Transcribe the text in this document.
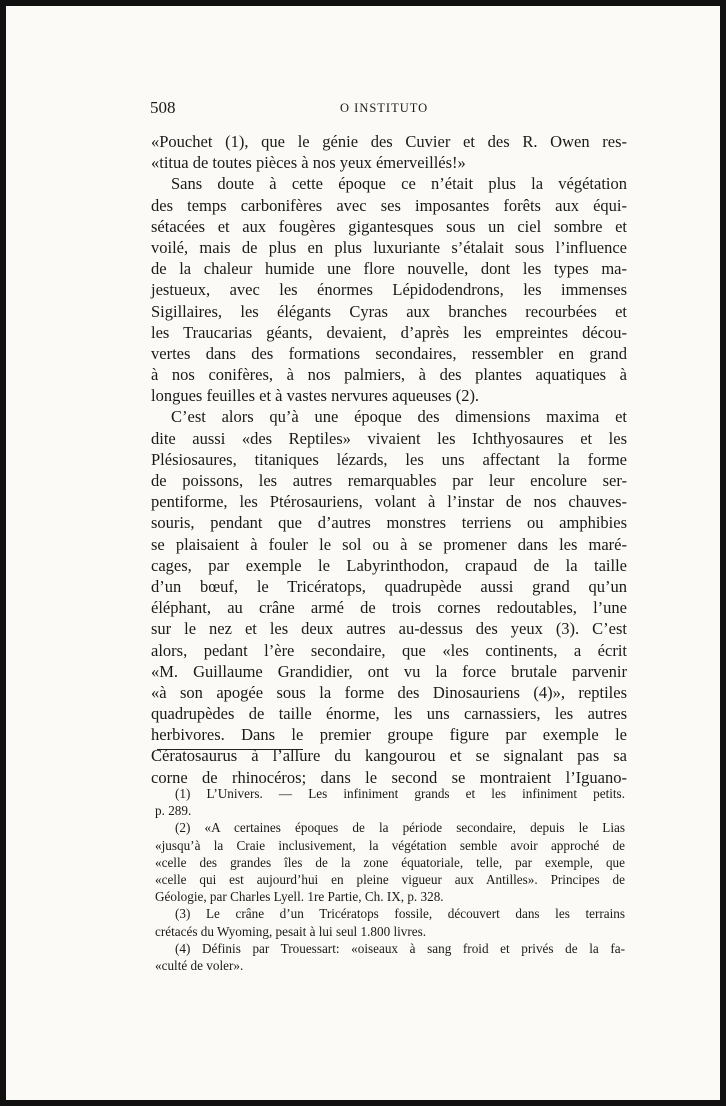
508	O INSTITUTO
«Pouchet (1), que le génie des Cuvier et des R. Owen res-
«titua de toutes pièces à nos yeux émerveillés!»
Sans doute à cette époque ce n’était plus la végétation
des temps carbonifères avec ses imposantes forêts aux équi-
sétacées et aux fougères gigantesques sous un ciel sombre et
voilé, mais de plus en plus luxuriante s’étalait sous l’influence
de la chaleur humide une flore nouvelle, dont les types ma-
jestueux, avec les énormes Lépidodendrons, les immenses
Sigillaires, les élégants Cyras aux branches recourbées et
les Traucarias géants, devaient, d’après les empreintes décou-
vertes dans des formations secondaires, ressembler en grand
à nos conifères, à nos palmiers, à des plantes aquatiques à
longues feuilles et à vastes nervures aqueuses (2).
C’est alors qu’à une époque des dimensions maxima et
dite aussi «des Reptiles» vivaient les Ichthyosaures et les
Plésiosaures, titaniques lézards, les uns affectant la forme
de poissons, les autres remarquables par leur encolure ser-
pentiforme, les Ptérosauriens, volant à l’instar de nos chauves-
souris, pendant que d’autres monstres terriens ou amphibies
se plaisaient à fouler le sol ou à se promener dans les maré-
cages, par exemple le Labyrinthodon, crapaud de la taille
d’un bœuf, le Tricératops, quadrupède aussi grand qu’un
éléphant, au crâne armé de trois cornes redoutables, l’une
sur le nez et les deux autres au-dessus des yeux (3). C’est
alors, pedant l’ère secondaire, que «les continents, a écrit
«M. Guillaume Grandidier, ont vu la force brutale parvenir
«à son apogée sous la forme des Dinosauriens (4)», reptiles
quadrupèdes de taille énorme, les uns carnassiers, les autres
herbivores. Dans le premier groupe figure par exemple le
Cératosaurus à l’allure du kangourou et se signalant pas sa
corne de rhinocéros; dans le second se montraient l’Iguano-
(1) L’Univers. — Les infiniment grands et les infiniment petits.
p. 289.
(2) «A certaines époques de la période secondaire, depuis le Lias
«jusqu’à la Craie inclusivement, la végétation semble avoir approché de
«celle des grandes îles de la zone équatoriale, telle, par exemple, que
«celle qui est aujourd’hui en pleine vigueur aux Antilles». Principes de
Géologie, par Charles Lyell. 1re Partie, Ch. IX, p. 328.
(3) Le crâne d’un Tricératops fossile, découvert dans les terrains
crétacés du Wyoming, pesait à lui seul 1.800 livres.
(4) Définis par Trouessart: «oiseaux à sang froid et privés de la fa-
«culté de voler».
